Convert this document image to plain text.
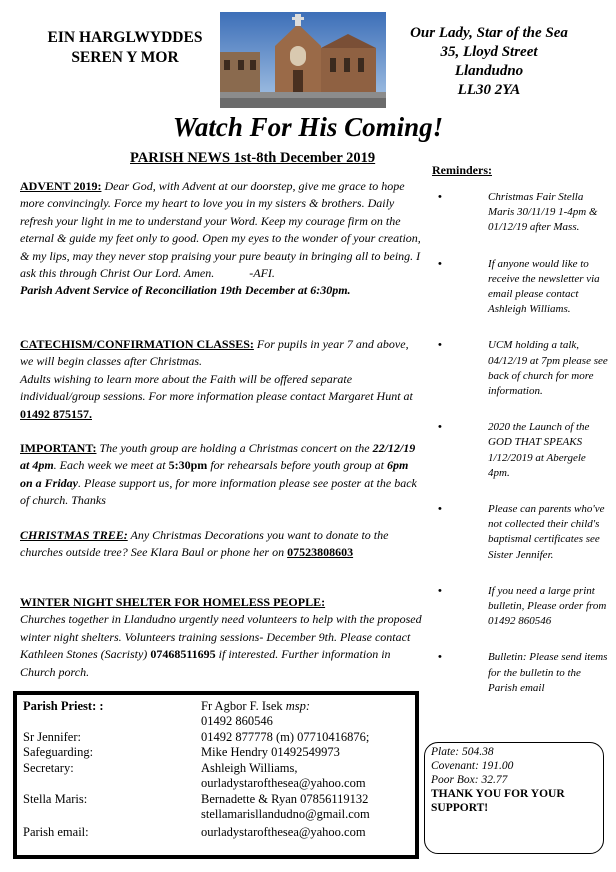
EIN HARGLWYDDES
SEREN Y MOR
Our Lady, Star of the Sea
35, Lloyd Street
Llandudno
LL30 2YA
Watch For His Coming!
PARISH NEWS 1st-8th December 2019

ADVENT 2019: Dear God, with Advent at our doorstep, give me grace to hope more convincingly. Force my heart to love you in my sisters & brothers. Daily refresh your light in me to understand your Word. Keep my courage firm on the eternal & guide my feet only to good. Open my eyes to the wonder of your creation, & my lips, may they never stop praising your pure beauty in bringing all to being. I ask this through Christ Our Lord. Amen.	-AFI.

Parish Advent Service of Reconciliation 19th December at 6:30pm.

CATECHISM/CONFIRMATION CLASSES: For pupils in year 7 and above, we will begin classes after Christmas.

Adults wishing to learn more about the Faith will be offered separate individual/group sessions. For more information please contact Margaret Hunt at 01492 875157.

IMPORTANT: The youth group are holding a Christmas concert on the 22/12/19 at 4pm. Each week we meet at 5:30pm for rehearsals before youth group at 6pm on a Friday. Please support us, for more information please see poster at the back of church. Thanks

CHRISTMAS TREE: Any Christmas Decorations you want to donate to the churches outside tree? See Klara Baul or phone her on 07523808603

WINTER NIGHT SHELTER FOR HOMELESS PEOPLE:

Churches together in Llandudno urgently need volunteers to help with the proposed winter night shelters. Volunteers training sessions- December 9th. Please contact Kathleen Stones (Sacristy) 07468511695 if interested. Further information in Church porch.

Reminders:
•	Christmas Fair Stella Maris 30/11/19 1-4pm & 01/12/19 after Mass.
•	If anyone would like to receive the newsletter via email please contact Ashleigh Williams.
•	UCM holding a talk, 04/12/19 at 7pm please see back of church for more information.
•	2020 the Launch of the GOD THAT SPEAKS 1/12/2019 at Abergele 4pm.
•	Please can parents who've not collected their child's baptismal certificates see Sister Jennifer.
•	If you need a large print bulletin, Please order from 01492 860546
•	Bulletin: Please send items for the bulletin to the Parish email
Parish Priest: :	Fr Agbor F. Isek msp:
01492 860546
Sr Jennifer:	01492 877778 (m) 07710416876;
Safeguarding:	Mike Hendry 01492549973
Secretary:	Ashleigh Williams,
ourladystarofthesea@yahoo.com
Stella Maris:	Bernadette & Ryan 07856119132
stellamarisllandudno@gmail.com
Parish email:	ourladystarofthesea@yahoo.com
Plate: 504.38
Covenant: 191.00
Poor Box: 32.77
THANK YOU FOR YOUR
SUPPORT!
